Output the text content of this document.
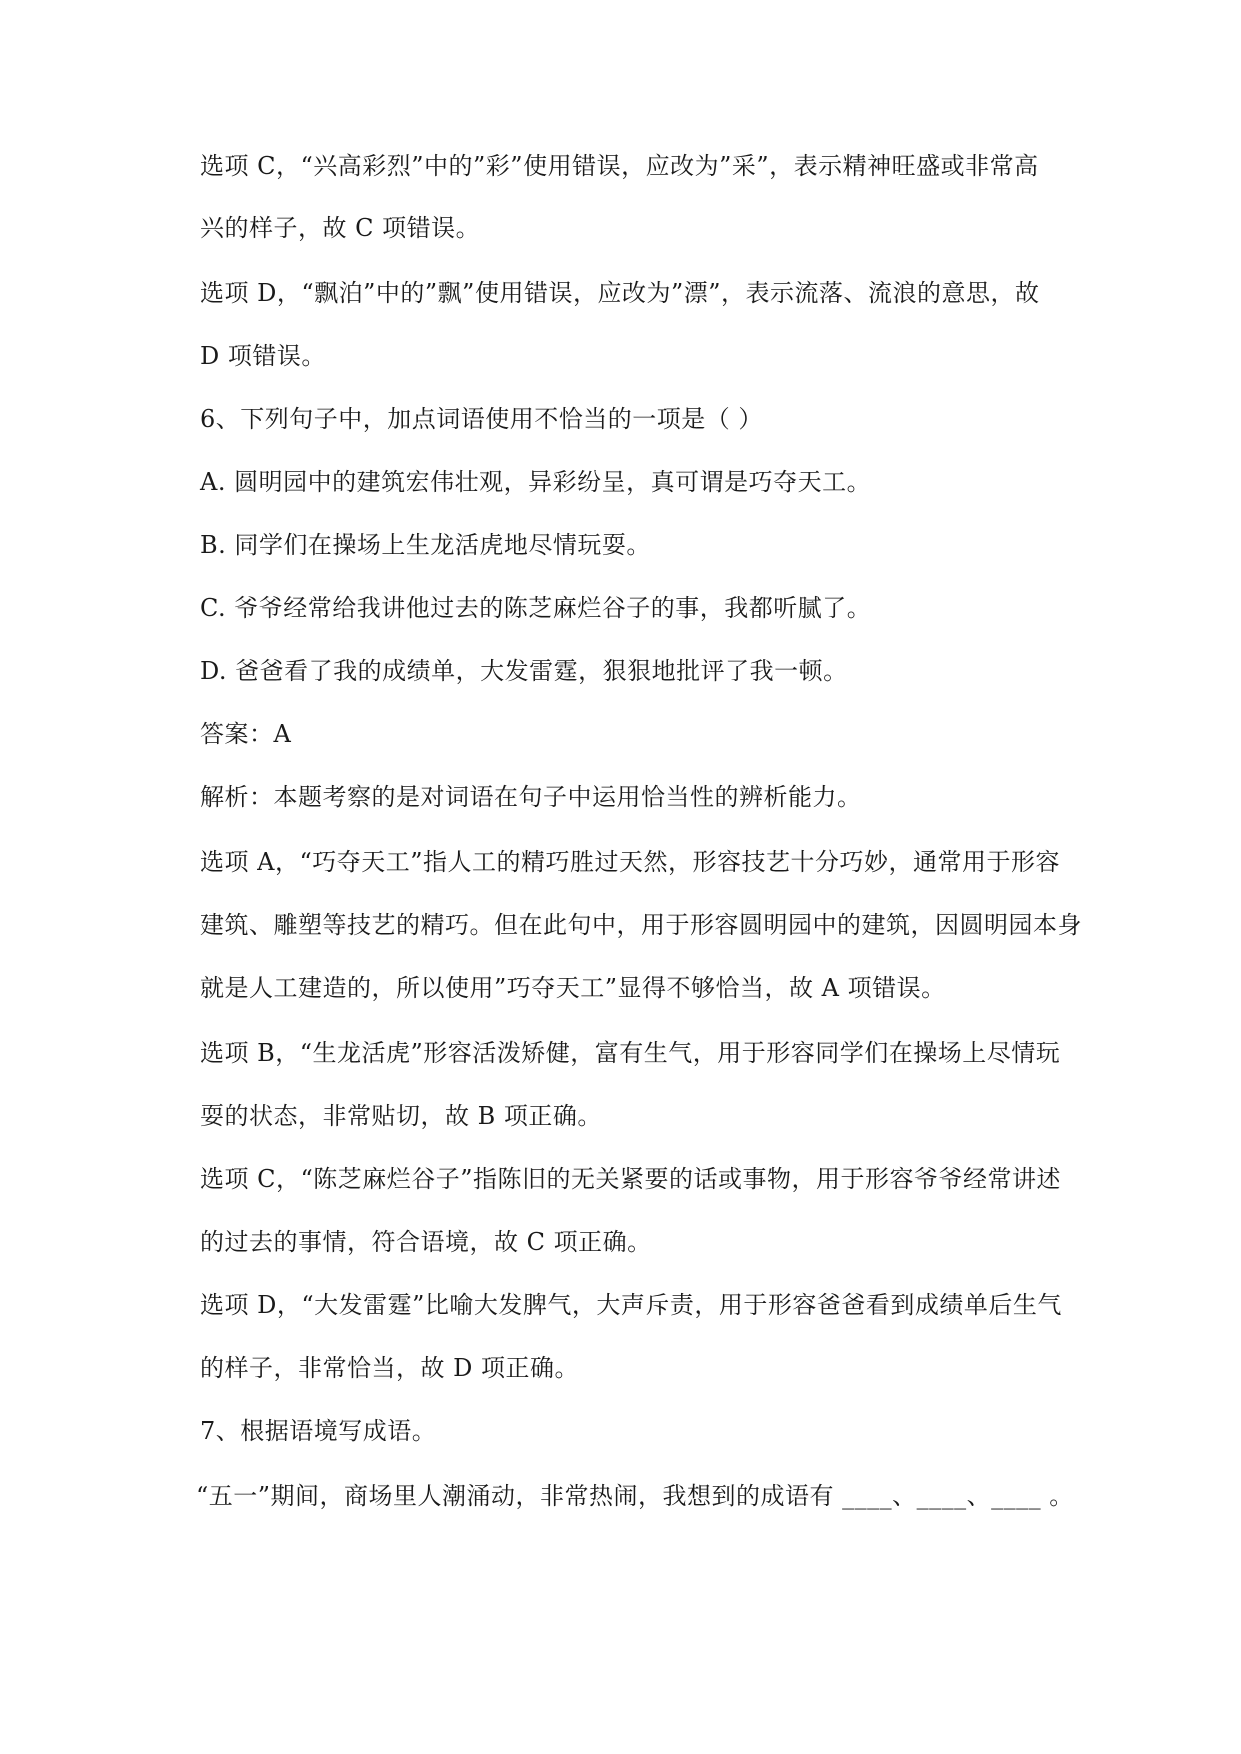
选项 C，“兴高彩烈”中的”彩”使用错误，应改为”采”，表示精神旺盛或非常高
兴的样子，故 C 项错误。
选项 D，“飘泊”中的”飘”使用错误，应改为”漂”，表示流落、流浪的意思，故
D 项错误。
6、下列句子中，加点词语使用不恰当的一项是（ ）
A. 圆明园中的建筑宏伟壮观，异彩纷呈，真可谓是巧夺天工。
B. 同学们在操场上生龙活虎地尽情玩耍。
C. 爷爷经常给我讲他过去的陈芝麻烂谷子的事，我都听腻了。
D. 爸爸看了我的成绩单，大发雷霆，狠狠地批评了我一顿。
答案：A
解析：本题考察的是对词语在句子中运用恰当性的辨析能力。
选项 A，“巧夺天工”指人工的精巧胜过天然，形容技艺十分巧妙，通常用于形容
建筑、雕塑等技艺的精巧。但在此句中，用于形容圆明园中的建筑，因圆明园本身
就是人工建造的，所以使用”巧夺天工”显得不够恰当，故 A 项错误。
选项 B，“生龙活虎”形容活泼矫健，富有生气，用于形容同学们在操场上尽情玩
耍的状态，非常贴切，故 B 项正确。
选项 C，“陈芝麻烂谷子”指陈旧的无关紧要的话或事物，用于形容爷爷经常讲述
的过去的事情，符合语境，故 C 项正确。
选项 D，“大发雷霆”比喻大发脾气，大声斥责，用于形容爸爸看到成绩单后生气
的样子，非常恰当，故 D 项正确。
7、根据语境写成语。
“五一”期间，商场里人潮涌动，非常热闹，我想到的成语有 ____、____、____ 。
